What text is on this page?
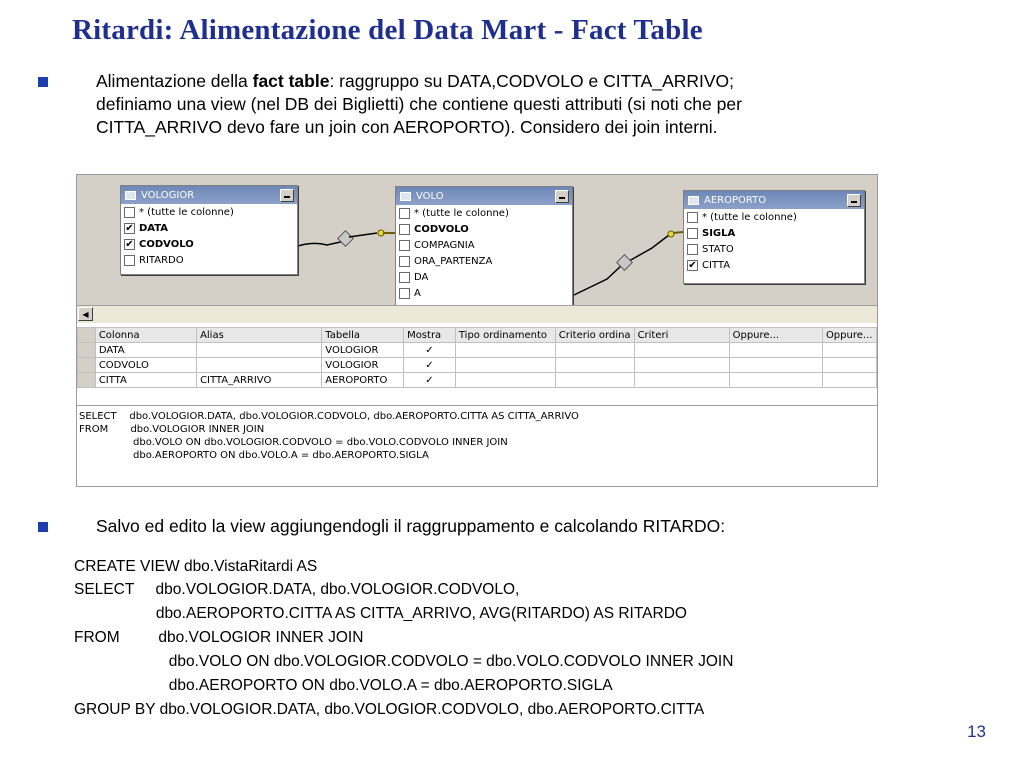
Ritardi: Alimentazione del Data Mart - Fact Table
Alimentazione della fact table: raggruppo su DATA,CODVOLO e CITTA_ARRIVO;
definiamo una view (nel DB dei Biglietti) che contiene questi attributi (si noti che per
CITTA_ARRIVO devo fare un join con AEROPORTO). Considero dei join interni.
VOLOGIOR
* (tutte le colonne)
✔ DATA
✔ CODVOLO
RITARDO
VOLO
* (tutte le colonne)
CODVOLO
COMPAGNIA
ORA_PARTENZA
DA
A
AEROPORTO
* (tutte le colonne)
SIGLA
STATO
✔ CITTA
◀
	Colonna	Alias	Tabella	Mostra	Tipo ordinamento	Criterio ordina	Criteri	Oppure...	Oppure...
	DATA		VOLOGIOR	✓					
	CODVOLO		VOLOGIOR	✓					
	CITTA	CITTA_ARRIVO	AEROPORTO	✓					
SELECT    dbo.VOLOGIOR.DATA, dbo.VOLOGIOR.CODVOLO, dbo.AEROPORTO.CITTA AS CITTA_ARRIVO
FROM       dbo.VOLOGIOR INNER JOIN
dbo.VOLO ON dbo.VOLOGIOR.CODVOLO = dbo.VOLO.CODVOLO INNER JOIN
dbo.AEROPORTO ON dbo.VOLO.A = dbo.AEROPORTO.SIGLA
Salvo ed edito la view aggiungendogli il raggruppamento e calcolando RITARDO:
CREATE VIEW dbo.VistaRitardi AS
SELECT     dbo.VOLOGIOR.DATA, dbo.VOLOGIOR.CODVOLO,
dbo.AEROPORTO.CITTA AS CITTA_ARRIVO, AVG(RITARDO) AS RITARDO
FROM         dbo.VOLOGIOR INNER JOIN
dbo.VOLO ON dbo.VOLOGIOR.CODVOLO = dbo.VOLO.CODVOLO INNER JOIN
dbo.AEROPORTO ON dbo.VOLO.A = dbo.AEROPORTO.SIGLA
GROUP BY dbo.VOLOGIOR.DATA, dbo.VOLOGIOR.CODVOLO, dbo.AEROPORTO.CITTA
13
